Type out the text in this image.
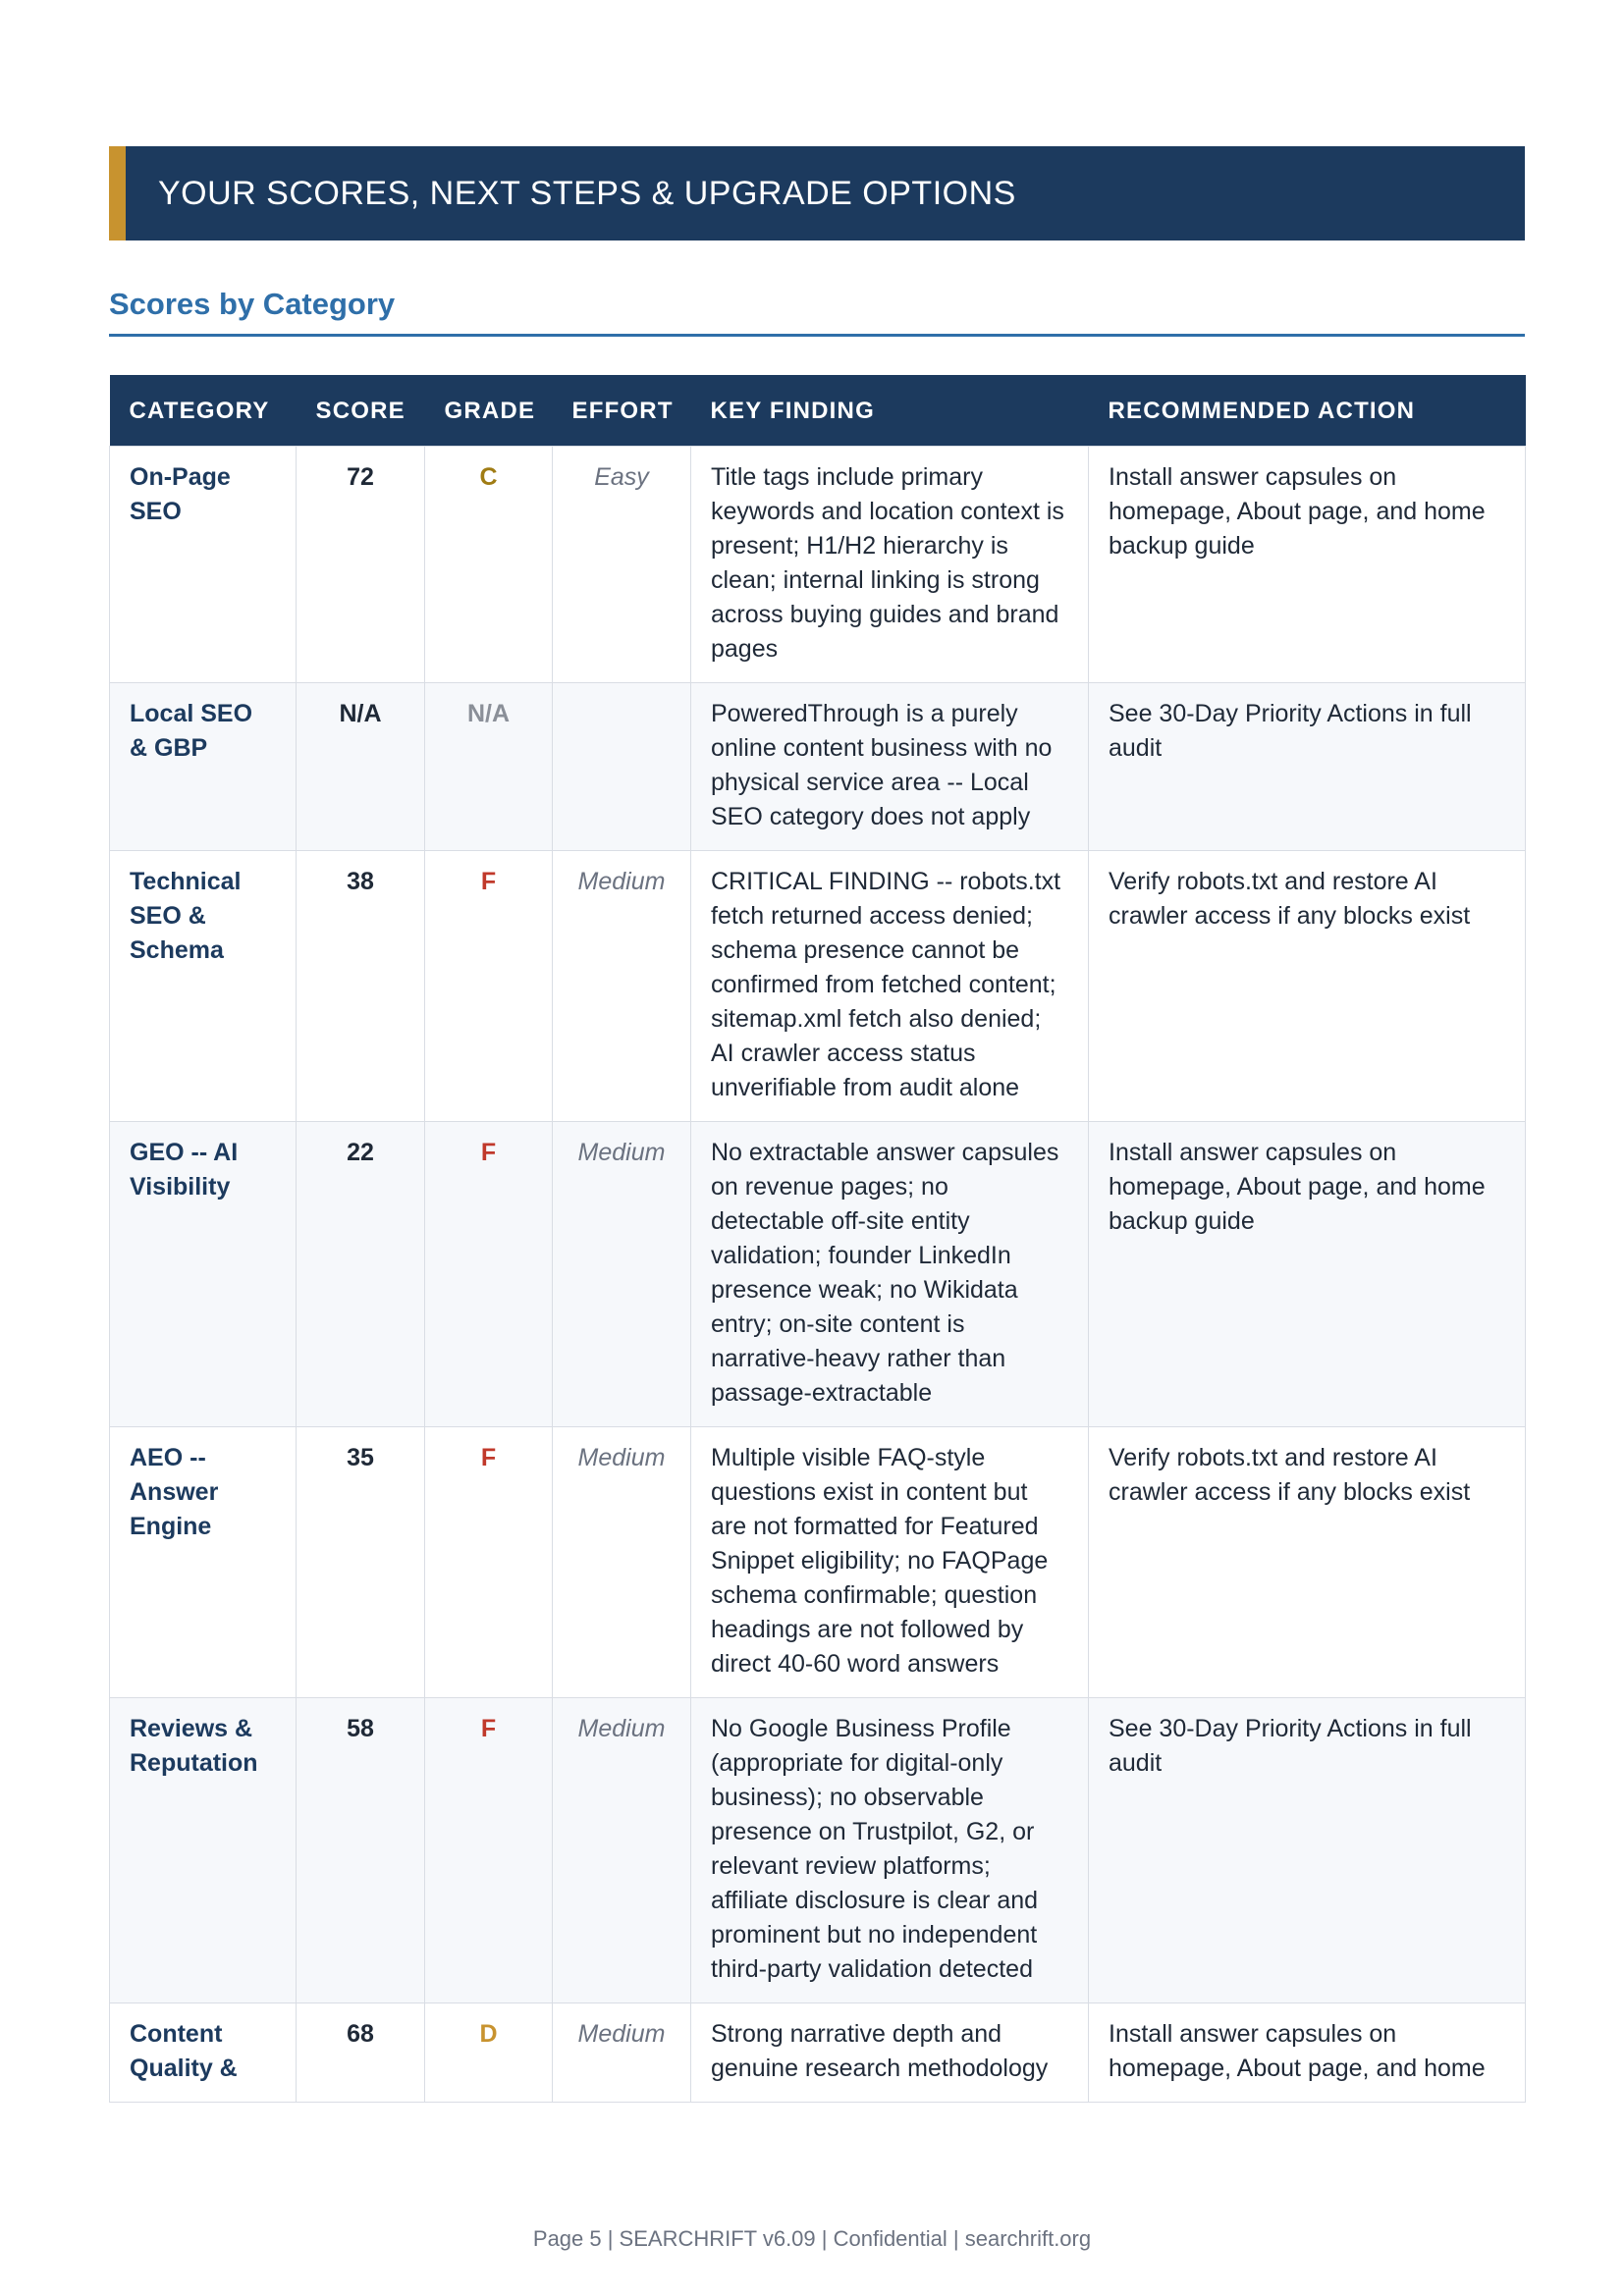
YOUR SCORES, NEXT STEPS & UPGRADE OPTIONS
Scores by Category
CATEGORY	SCORE	GRADE	EFFORT	KEY FINDING	RECOMMENDED ACTION
On-Page SEO	72	C	Easy	Title tags include primary keywords and location context is present; H1/H2 hierarchy is clean; internal linking is strong across buying guides and brand pages	Install answer capsules on homepage, About page, and home backup guide
Local SEO & GBP	N/A	N/A		PoweredThrough is a purely online content business with no physical service area -- Local SEO category does not apply	See 30-Day Priority Actions in full audit
Technical SEO & Schema	38	F	Medium	CRITICAL FINDING -- robots.txt fetch returned access denied; schema presence cannot be confirmed from fetched content; sitemap.xml fetch also denied; AI crawler access status unverifiable from audit alone	Verify robots.txt and restore AI crawler access if any blocks exist
GEO -- AI Visibility	22	F	Medium	No extractable answer capsules on revenue pages; no detectable off-site entity validation; founder LinkedIn presence weak; no Wikidata entry; on-site content is narrative-heavy rather than passage-extractable	Install answer capsules on homepage, About page, and home backup guide
AEO -- Answer Engine	35	F	Medium	Multiple visible FAQ-style questions exist in content but are not formatted for Featured Snippet eligibility; no FAQPage schema confirmable; question headings are not followed by direct 40-60 word answers	Verify robots.txt and restore AI crawler access if any blocks exist
Reviews & Reputation	58	F	Medium	No Google Business Profile (appropriate for digital-only business); no observable presence on Trustpilot, G2, or relevant review platforms; affiliate disclosure is clear and prominent but no independent third-party validation detected	See 30-Day Priority Actions in full audit
Content Quality &	68	D	Medium	Strong narrative depth and genuine research methodology	Install answer capsules on homepage, About page, and home
Page 5 | SEARCHRIFT v6.09 | Confidential | searchrift.org
